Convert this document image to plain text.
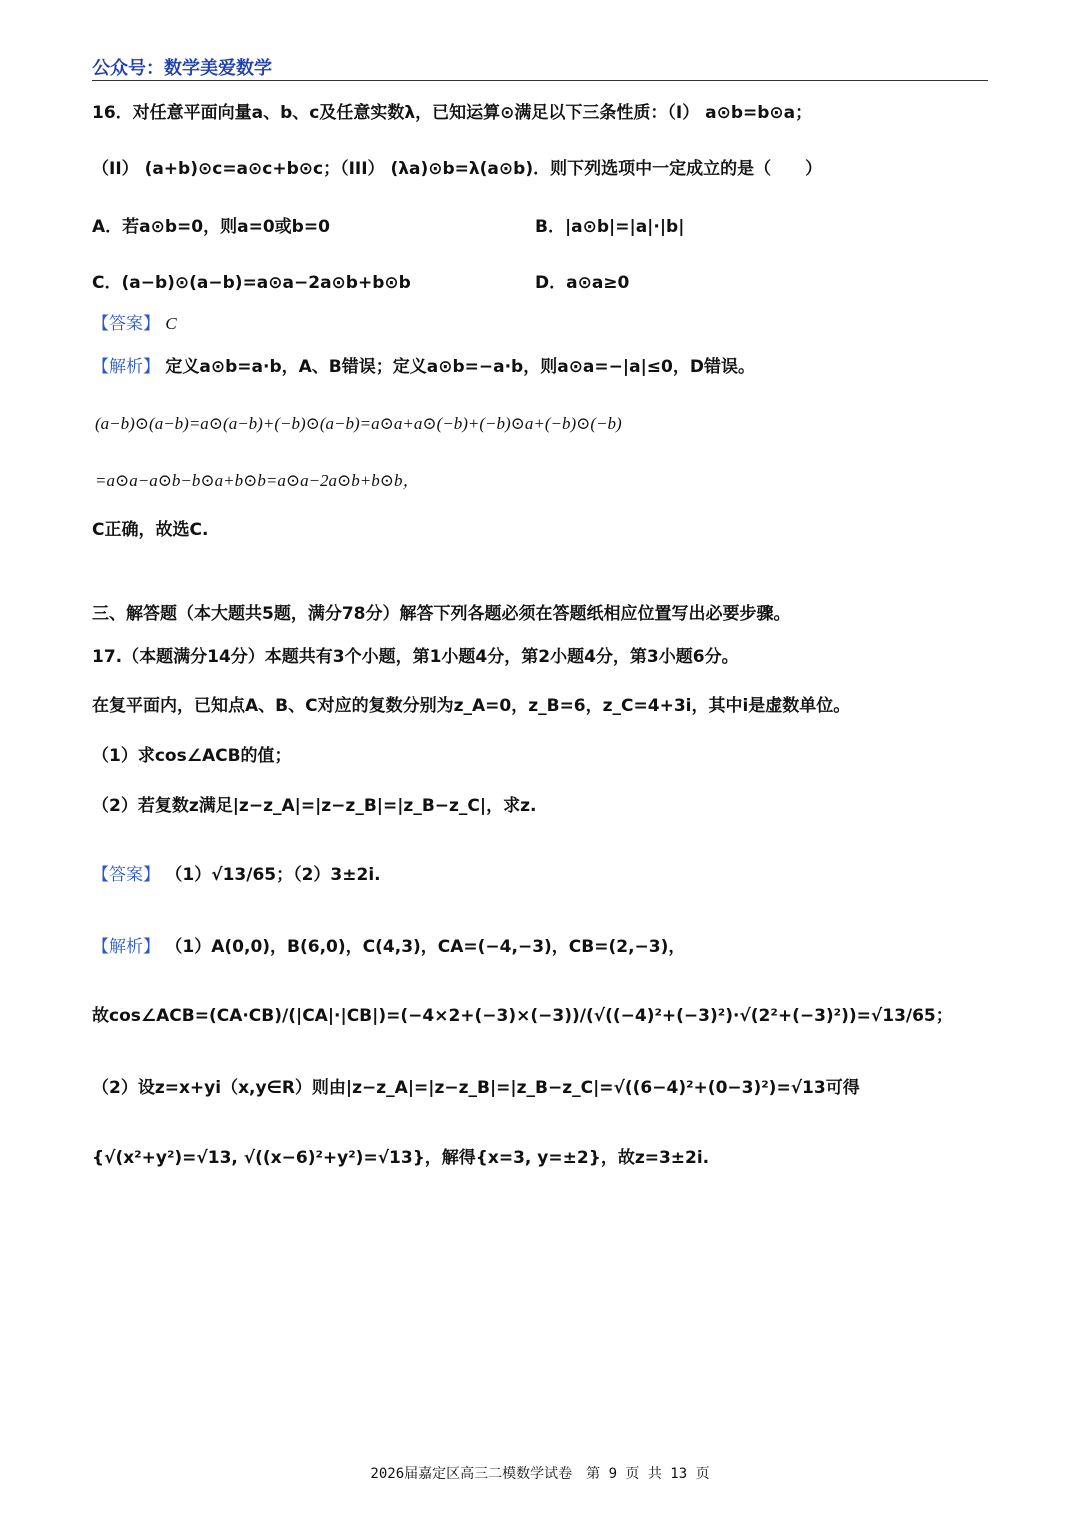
公众号：数学美爱数学
16．对任意平面向量a、b、c及任意实数λ，已知运算⊙满足以下三条性质：（I） a⊙b=b⊙a；
（II） (a+b)⊙c=a⊙c+b⊙c；（III） (λa)⊙b=λ(a⊙b)．则下列选项中一定成立的是（　　）
A．若a⊙b=0，则a=0或b=0	B．|a⊙b|=|a|·|b|
C．(a−b)⊙(a−b)=a⊙a−2a⊙b+b⊙b	D．a⊙a≥0
【答案】 C
【解析】 定义a⊙b=a·b，A、B错误；定义a⊙b=−a·b，则a⊙a=−|a|≤0，D错误。
(a−b)⊙(a−b)=a⊙(a−b)+(−b)⊙(a−b)=a⊙a+a⊙(−b)+(−b)⊙a+(−b)⊙(−b)
=a⊙a−a⊙b−b⊙a+b⊙b=a⊙a−2a⊙b+b⊙b，
C正确，故选C.
三、解答题（本大题共5题，满分78分）解答下列各题必须在答题纸相应位置写出必要步骤。
17.（本题满分14分）本题共有3个小题，第1小题4分，第2小题4分，第3小题6分。
在复平面内，已知点A、B、C对应的复数分别为z_A=0，z_B=6，z_C=4+3i，其中i是虚数单位。
（1）求cos∠ACB的值；
（2）若复数z满足|z−z_A|=|z−z_B|=|z_B−z_C|，求z.
【答案】 （1）√13/65；（2）3±2i.
【解析】 （1）A(0,0)，B(6,0)，C(4,3)，CA=(−4,−3)，CB=(2,−3)，
故cos∠ACB=(CA·CB)/(|CA|·|CB|)=(−4×2+(−3)×(−3))/(√((−4)²+(−3)²)·√(2²+(−3)²))=√13/65；
（2）设z=x+yi（x,y∈R）则由|z−z_A|=|z−z_B|=|z_B−z_C|=√((6−4)²+(0−3)²)=√13可得
{√(x²+y²)=√13, √((x−6)²+y²)=√13}，解得{x=3, y=±2}，故z=3±2i.
2026届嘉定区高三二模数学试卷　第 9 页 共 13 页
